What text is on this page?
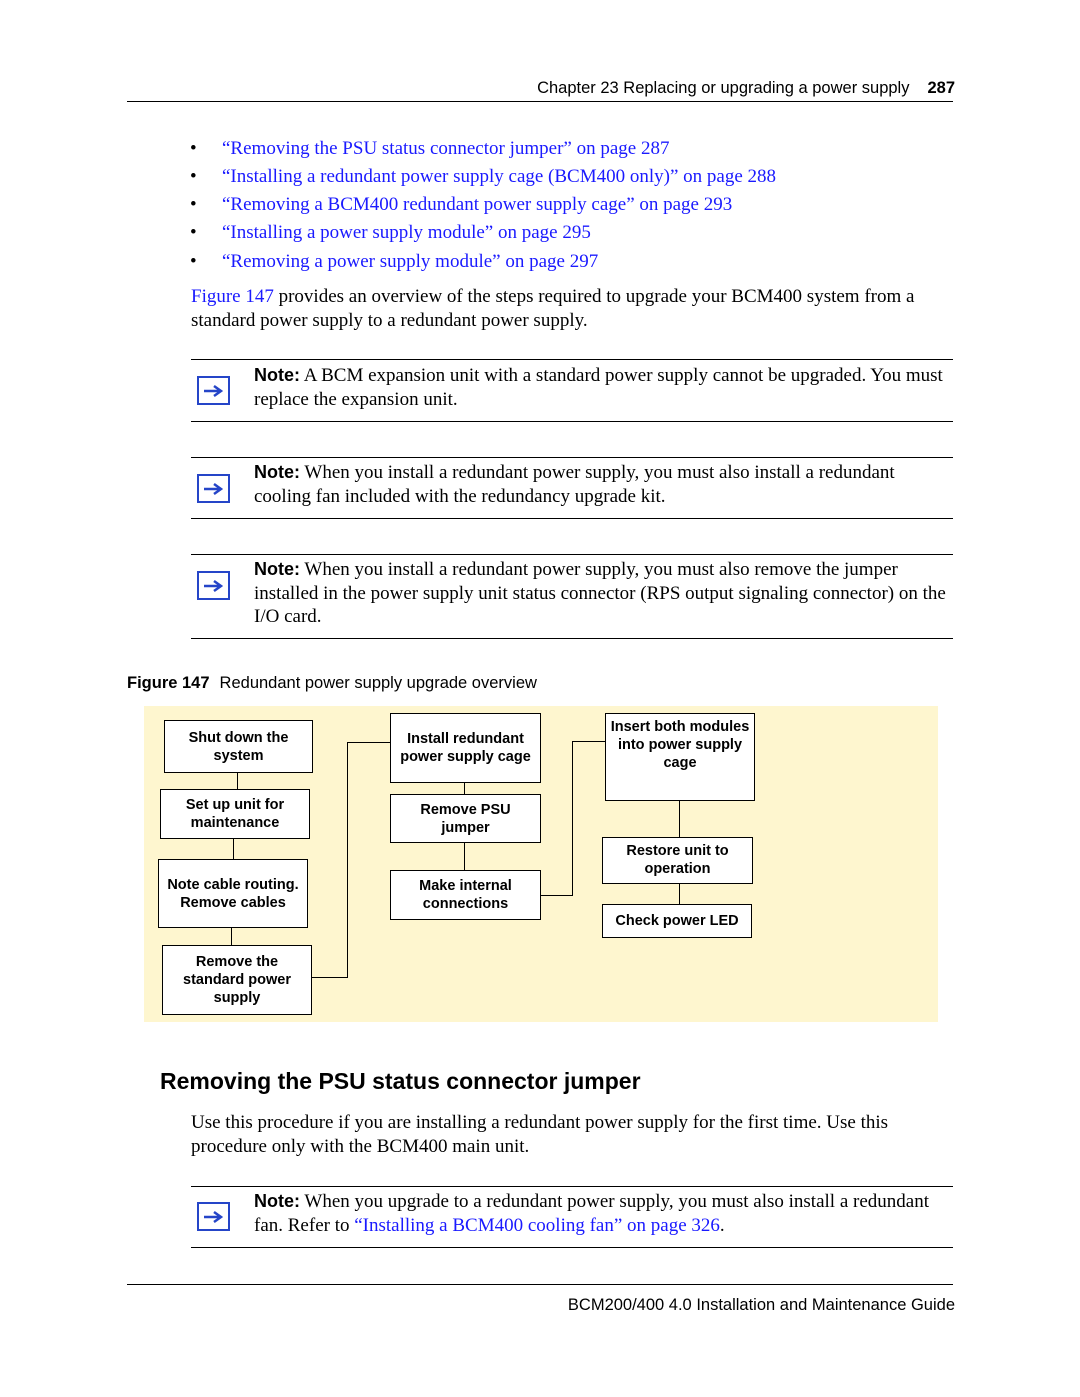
Chapter 23 Replacing or upgrading a power supply 287
• “Removing the PSU status connector jumper” on page 287
• “Installing a redundant power supply cage (BCM400 only)” on page 288
• “Removing a BCM400 redundant power supply cage” on page 293
• “Installing a power supply module” on page 295
• “Removing a power supply module” on page 297
Figure 147 provides an overview of the steps required to upgrade your BCM400 system from a standard power supply to a redundant power supply.
Note: A BCM expansion unit with a standard power supply cannot be upgraded. You must replace the expansion unit.
Note: When you install a redundant power supply, you must also install a redundant cooling fan included with the redundancy upgrade kit.
Note: When you install a redundant power supply, you must also remove the jumper installed in the power supply unit status connector (RPS output signaling connector) on the I/O card.
Figure 147 Redundant power supply upgrade overview
Shut down the system
Set up unit for maintenance
Note cable routing. Remove cables
Remove the standard power supply
Install redundant power supply cage
Remove PSU jumper
Make internal connections
Insert both modules into power supply cage
Restore unit to operation
Check power LED
Removing the PSU status connector jumper
Use this procedure if you are installing a redundant power supply for the first time. Use this procedure only with the BCM400 main unit.
Note: When you upgrade to a redundant power supply, you must also install a redundant fan. Refer to “Installing a BCM400 cooling fan” on page 326.
BCM200/400 4.0 Installation and Maintenance Guide
